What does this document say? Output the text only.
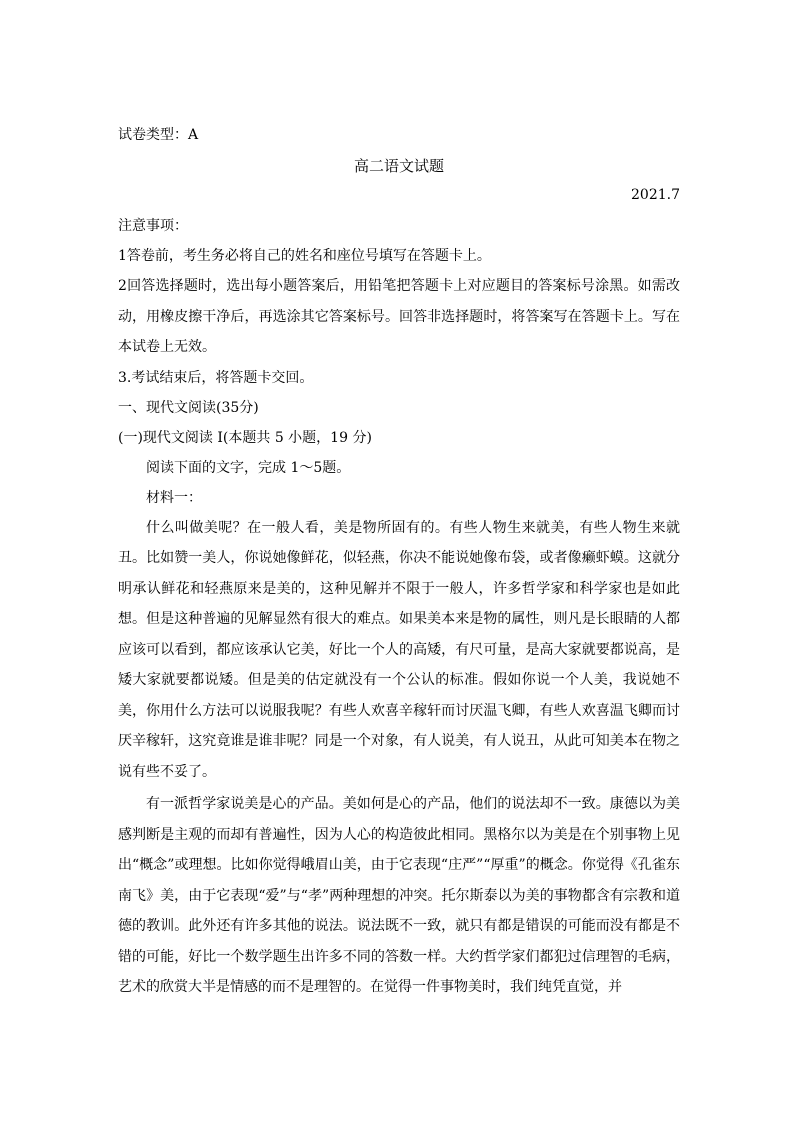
试卷类型：A
高二语文试题
2021.7
注意事项：
1答卷前，考生务必将自己的姓名和座位号填写在答题卡上。

2回答选择题时，选出每小题答案后，用铅笔把答题卡上对应题目的答案标号涂黑。如需改动，用橡皮擦干净后，再选涂其它答案标号。回答非选择题时，将答案写在答题卡上。写在本试卷上无效。

3.考试结束后，将答题卡交回。
一、现代文阅读(35分)
(一)现代文阅读 I(本题共 5 小题，19 分)
阅读下面的文字，完成 1～5题。
材料一：

什么叫做美呢？在一般人看，美是物所固有的。有些人物生来就美，有些人物生来就丑。比如赞一美人，你说她像鲜花，似轻燕，你决不能说她像布袋，或者像癞虾蟆。这就分明承认鲜花和轻燕原来是美的，这种见解并不限于一般人，许多哲学家和科学家也是如此想。但是这种普遍的见解显然有很大的难点。如果美本来是物的属性，则凡是长眼睛的人都应该可以看到，都应该承认它美，好比一个人的高矮，有尺可量，是高大家就要都说高，是矮大家就要都说矮。但是美的估定就没有一个公认的标准。假如你说一个人美，我说她不美，你用什么方法可以说服我呢？有些人欢喜辛稼轩而讨厌温飞卿，有些人欢喜温飞卿而讨厌辛稼轩，这究竟谁是谁非呢？同是一个对象，有人说美，有人说丑，从此可知美本在物之说有些不妥了。

有一派哲学家说美是心的产品。美如何是心的产品，他们的说法却不一致。康德以为美感判断是主观的而却有普遍性，因为人心的构造彼此相同。黑格尔以为美是在个别事物上见出“概念”或理想。比如你觉得峨眉山美，由于它表现“庄严”“厚重”的概念。你觉得《孔雀东南飞》美，由于它表现“爱”与“孝”两种理想的冲突。托尔斯泰以为美的事物都含有宗教和道德的教训。此外还有许多其他的说法。说法既不一致，就只有都是错误的可能而没有都是不错的可能，好比一个数学题生出许多不同的答数一样。大约哲学家们都犯过信理智的毛病，艺术的欣赏大半是情感的而不是理智的。在觉得一件事物美时，我们纯凭直觉，并
